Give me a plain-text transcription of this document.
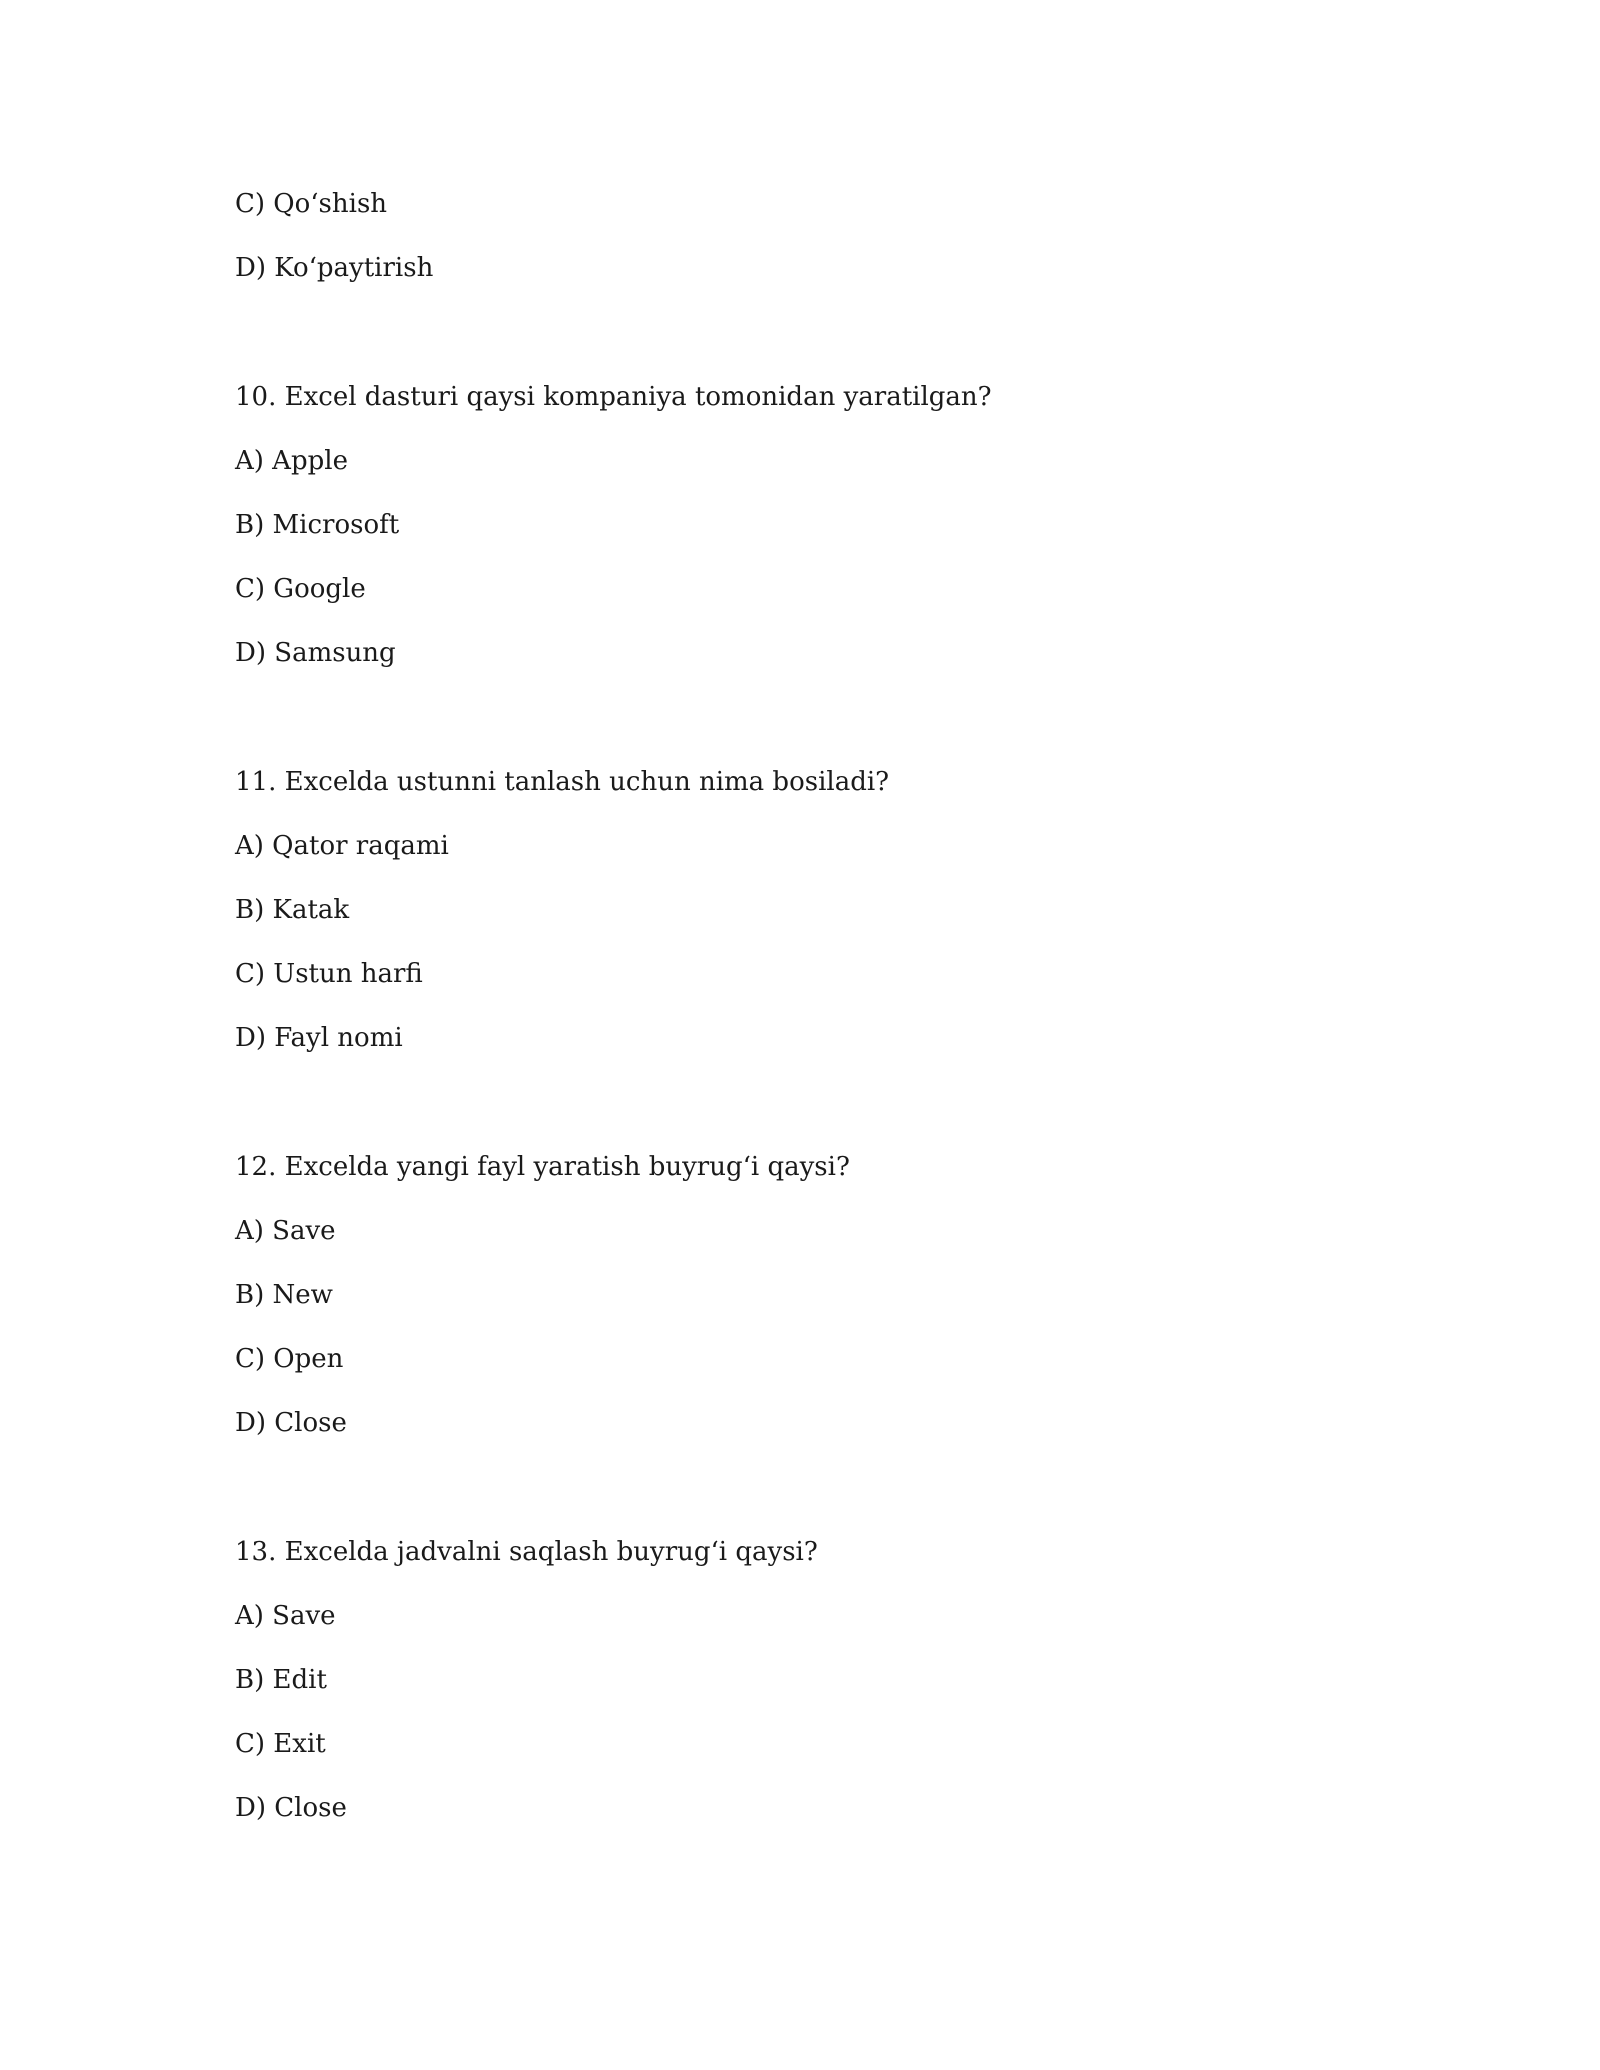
C) Qo‘shish
D) Ko‘paytirish
10. Excel dasturi qaysi kompaniya tomonidan yaratilgan?
A) Apple
B) Microsoft
C) Google
D) Samsung
11. Excelda ustunni tanlash uchun nima bosiladi?
A) Qator raqami
B) Katak
C) Ustun harfi
D) Fayl nomi
12. Excelda yangi fayl yaratish buyrug‘i qaysi?
A) Save
B) New
C) Open
D) Close
13. Excelda jadvalni saqlash buyrug‘i qaysi?
A) Save
B) Edit
C) Exit
D) Close
